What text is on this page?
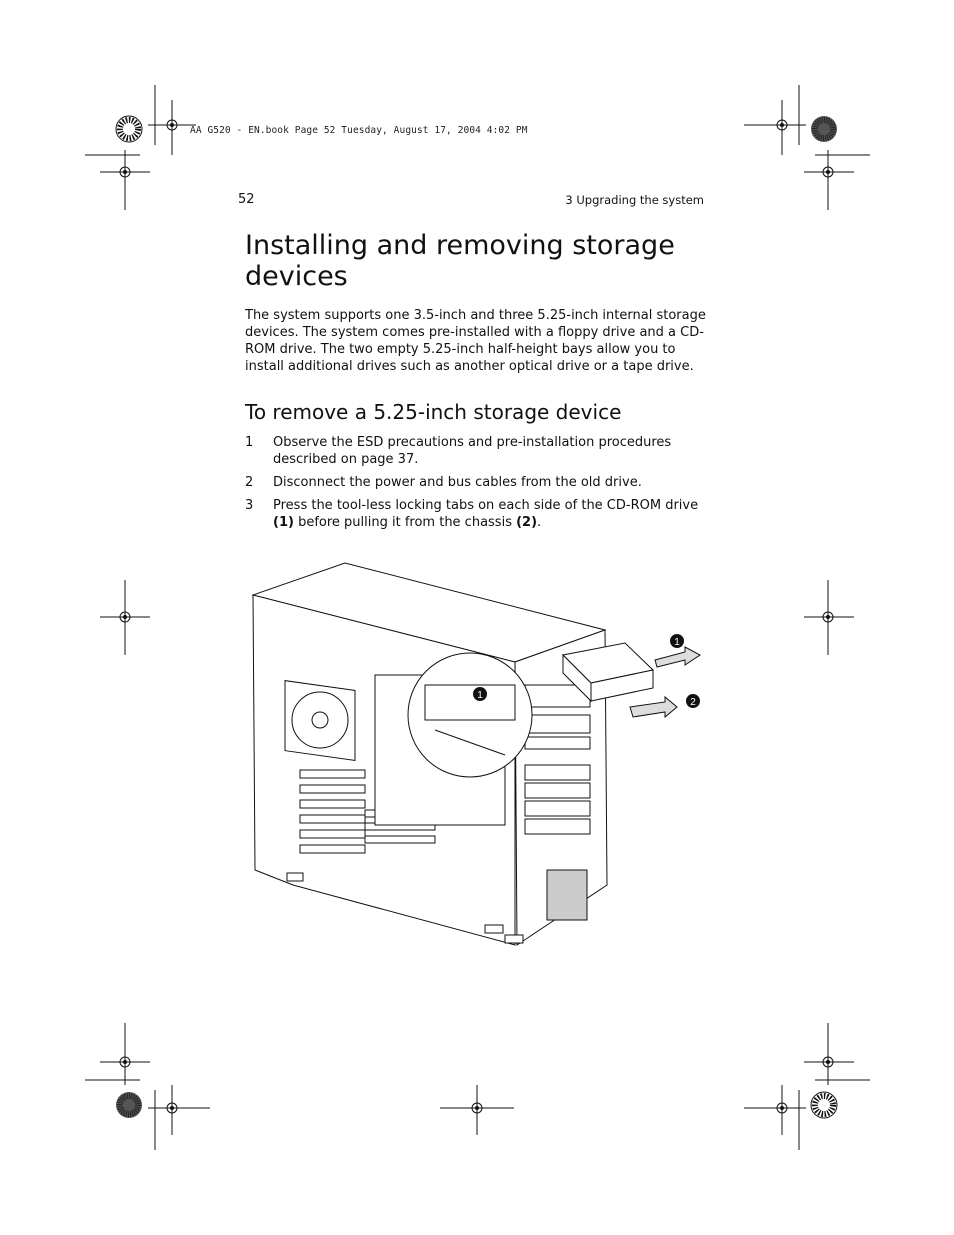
AA G520 - EN.book Page 52 Tuesday, August 17, 2004 4:02 PM
52	3 Upgrading the system
Installing and removing storage devices

The system supports one 3.5-inch and three 5.25-inch internal storage devices. The system comes pre-installed with a floppy drive and a CD-ROM drive. The two empty 5.25-inch half-height bays allow you to install additional drives such as another optical drive or a tape drive.

To remove a 5.25-inch storage device
1 Observe the ESD precautions and pre-installation procedures described on page 37.
2 Disconnect the power and bus cables from the old drive.
3 Press the tool-less locking tabs on each side of the CD-ROM drive (1) before pulling it from the chassis (2).
1
2
1
